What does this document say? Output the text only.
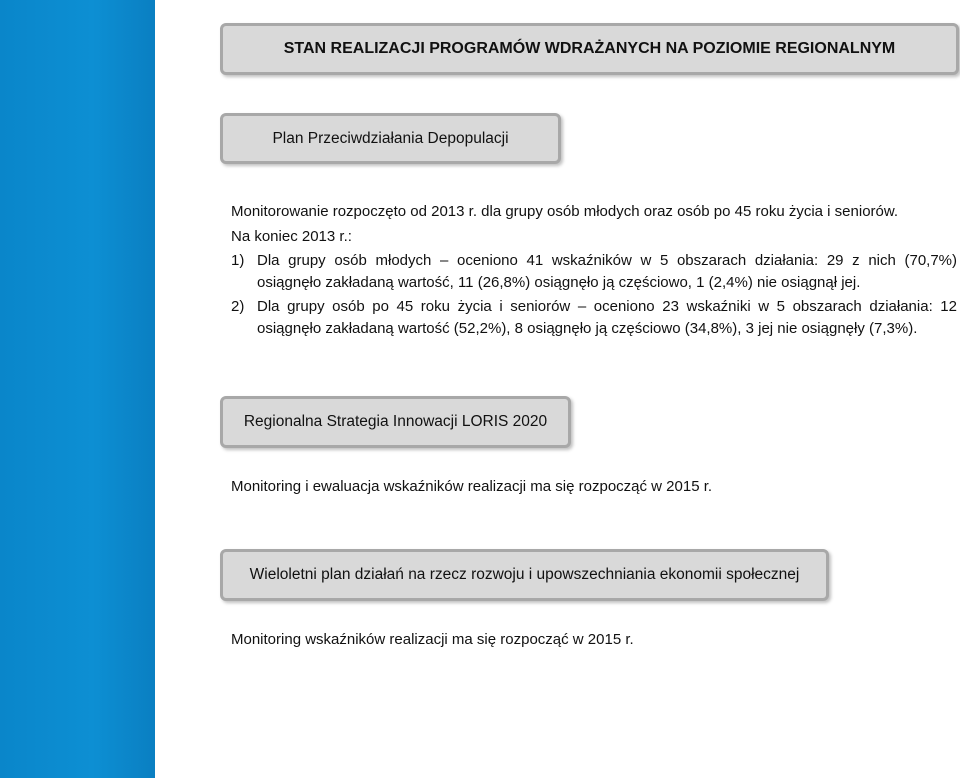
STAN REALIZACJI PROGRAMÓW WDRAŻANYCH NA POZIOMIE REGIONALNYM
Plan Przeciwdziałania Depopulacji
Monitorowanie rozpoczęto od 2013 r. dla grupy osób młodych oraz osób po 45 roku życia i seniorów.
Na koniec 2013 r.:
1) Dla grupy osób młodych – oceniono 41 wskaźników w 5 obszarach działania: 29 z nich (70,7%) osiągnęło zakładaną wartość, 11 (26,8%) osiągnęło ją częściowo, 1 (2,4%) nie osiągnął jej.
2) Dla grupy osób po 45 roku życia i seniorów – oceniono 23 wskaźniki w 5 obszarach działania: 12 osiągnęło zakładaną wartość (52,2%), 8 osiągnęło ją częściowo (34,8%), 3 jej nie osiągnęły (7,3%).
Regionalna Strategia Innowacji LORIS 2020
Monitoring i ewaluacja wskaźników realizacji ma się rozpocząć w 2015 r.
Wieloletni plan działań na rzecz rozwoju i upowszechniania ekonomii społecznej
Monitoring wskaźników realizacji ma się rozpocząć w 2015 r.
